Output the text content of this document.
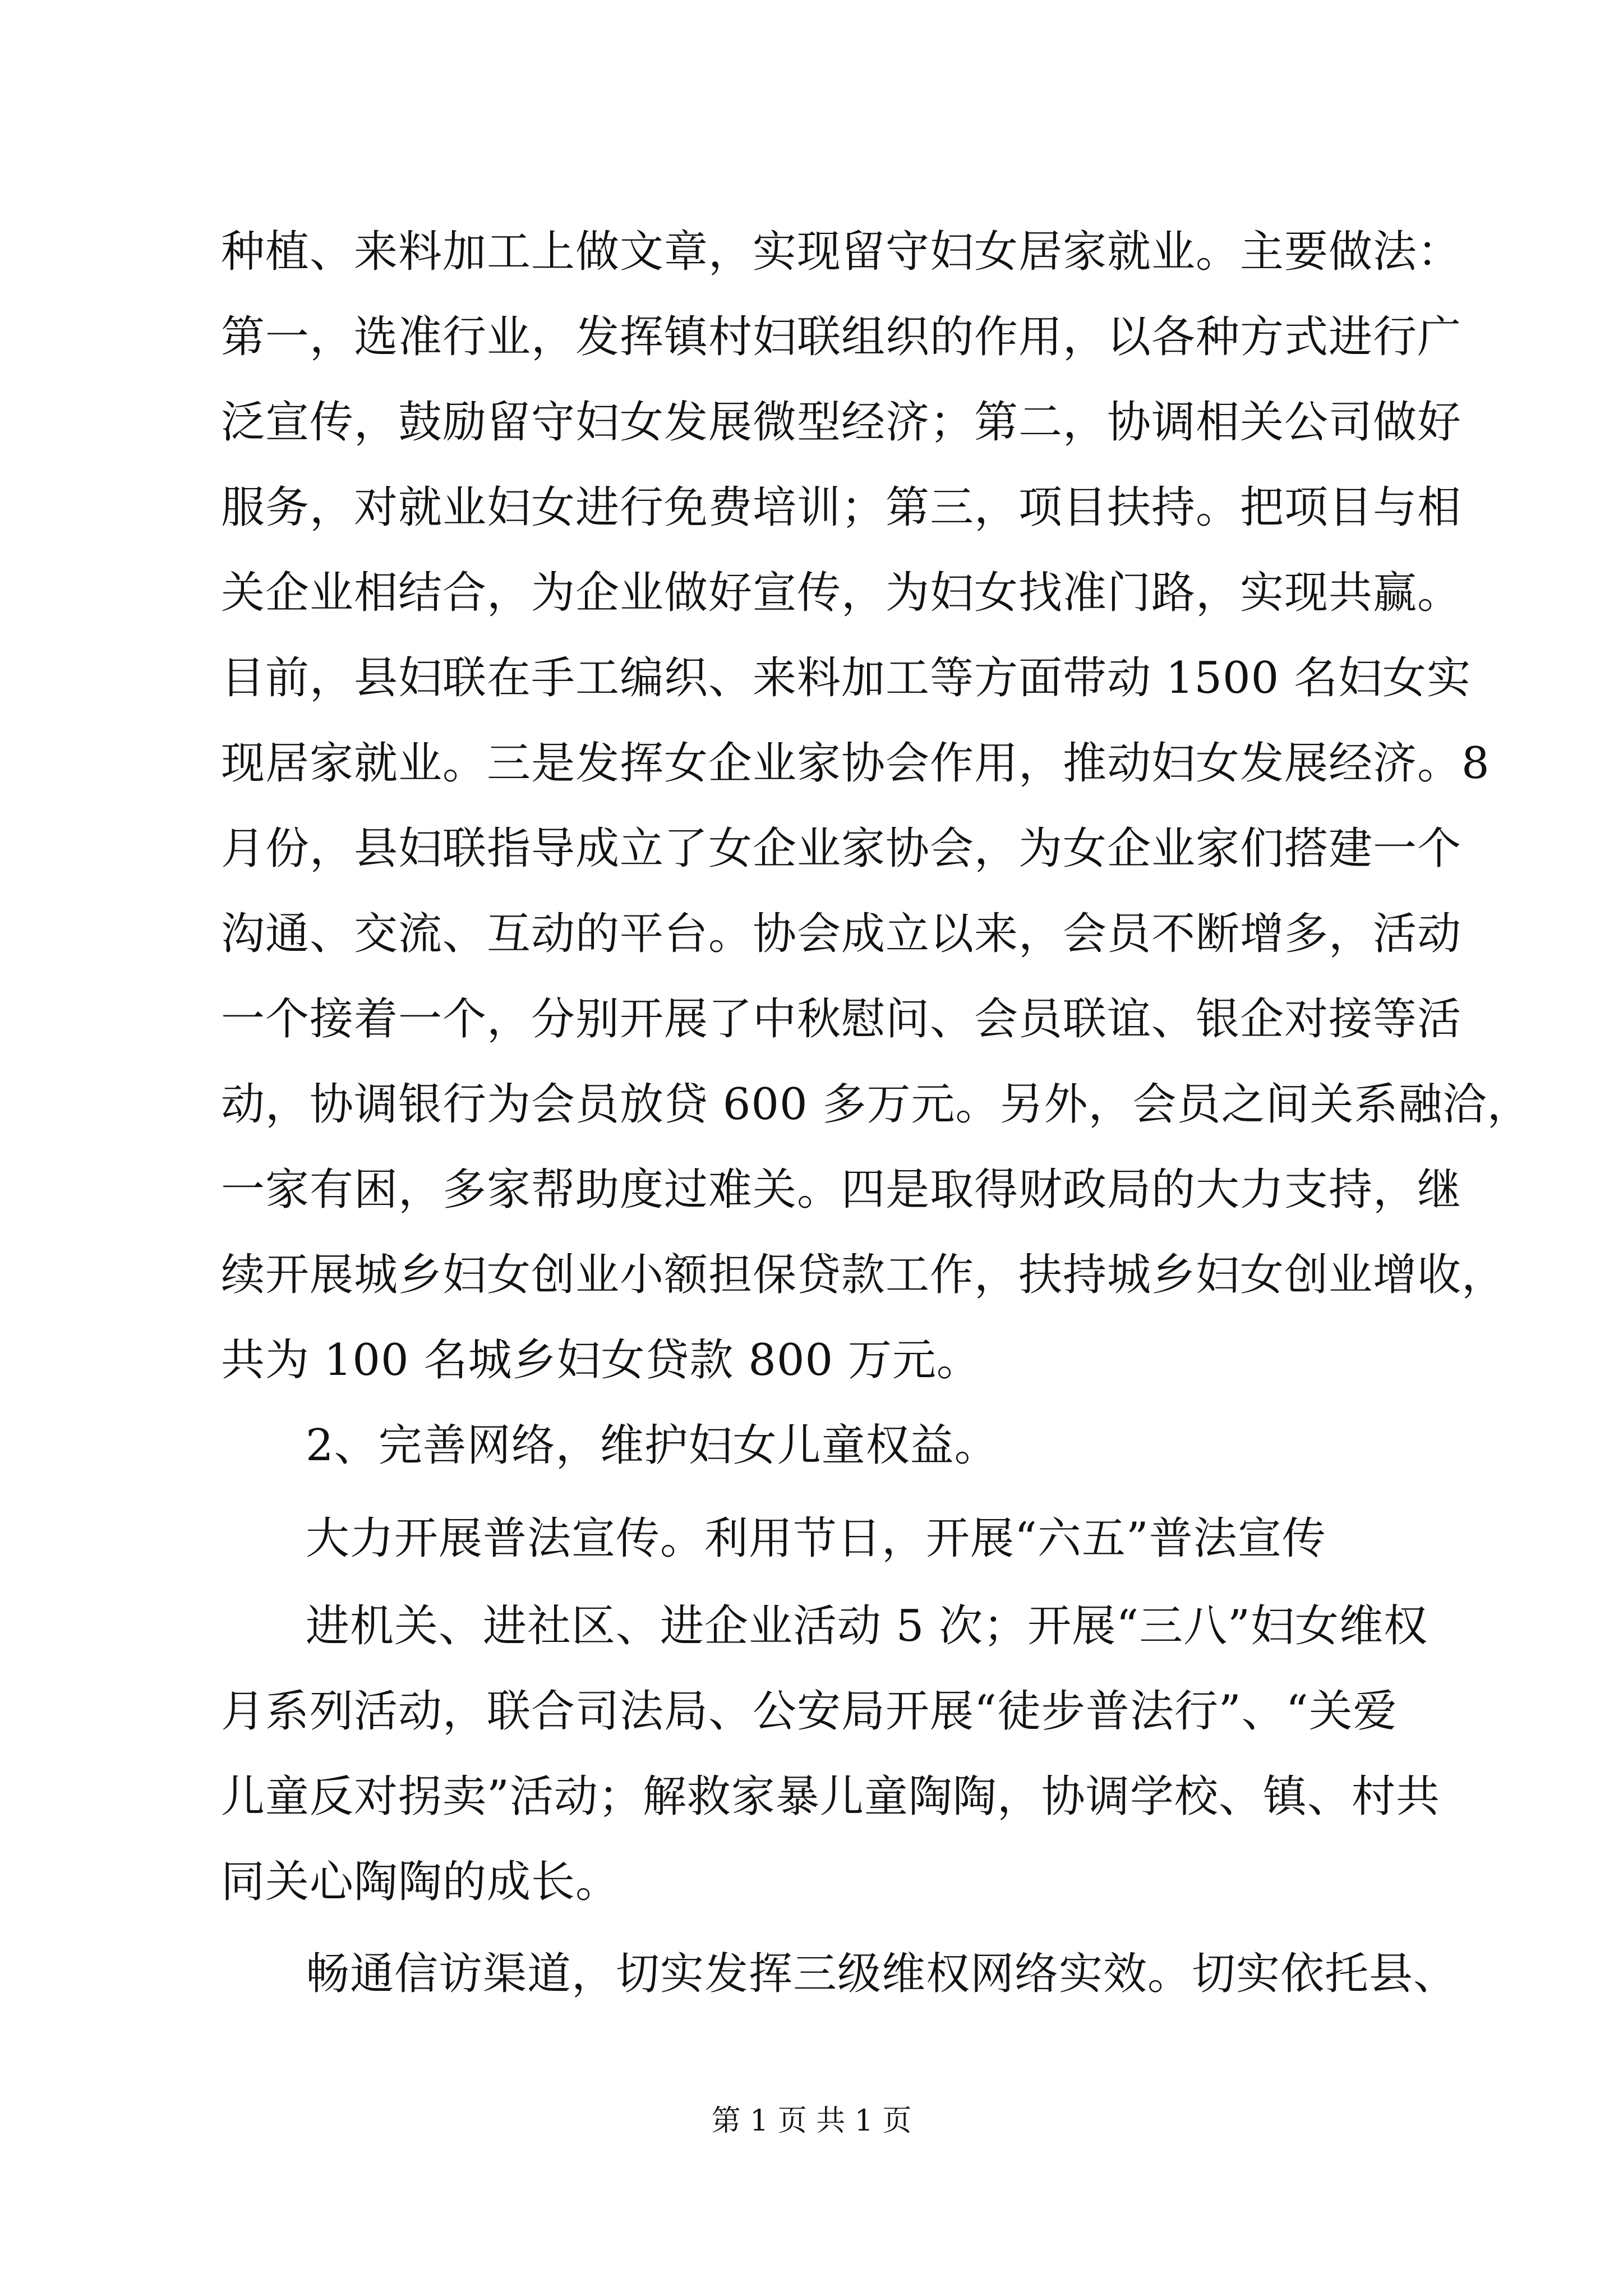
种植、来料加工上做文章，实现留守妇女居家就业。主要做法：
第一，选准行业，发挥镇村妇联组织的作用，以各种方式进行广
泛宣传，鼓励留守妇女发展微型经济；第二，协调相关公司做好
服务，对就业妇女进行免费培训；第三，项目扶持。把项目与相
关企业相结合，为企业做好宣传，为妇女找准门路，实现共赢。
目前，县妇联在手工编织、来料加工等方面带动 1500 名妇女实
现居家就业。三是发挥女企业家协会作用，推动妇女发展经济。8
月份，县妇联指导成立了女企业家协会，为女企业家们搭建一个
沟通、交流、互动的平台。协会成立以来，会员不断增多，活动
一个接着一个，分别开展了中秋慰问、会员联谊、银企对接等活
动，协调银行为会员放贷 600 多万元。另外，会员之间关系融洽，
一家有困，多家帮助度过难关。四是取得财政局的大力支持，继
续开展城乡妇女创业小额担保贷款工作，扶持城乡妇女创业增收，
共为 100 名城乡妇女贷款 800 万元。
2、完善网络，维护妇女儿童权益。
大力开展普法宣传。利用节日，开展“六五”普法宣传
进机关、进社区、进企业活动 5 次；开展“三八”妇女维权
月系列活动，联合司法局、公安局开展“徒步普法行”、“关爱
儿童反对拐卖”活动；解救家暴儿童陶陶，协调学校、镇、村共
同关心陶陶的成长。
畅通信访渠道，切实发挥三级维权网络实效。切实依托县、
第 1 页 共 1 页
